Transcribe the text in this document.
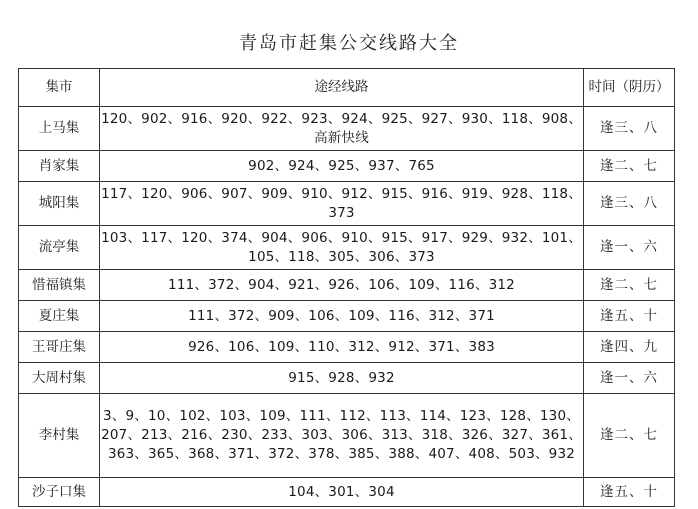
青岛市赶集公交线路大全
集市	途经线路	时间（阴历）
上马集	120、902、916、920、922、923、924、925、927、930、118、908、高新快线	逢三、八
肖家集	902、924、925、937、765	逢二、七
城阳集	117、120、906、907、909、910、912、915、916、919、928、118、373	逢三、八
流亭集	103、117、120、374、904、906、910、915、917、929、932、101、105、118、305、306、373	逢一、六
惜福镇集	111、372、904、921、926、106、109、116、312	逢二、七
夏庄集	111、372、909、106、109、116、312、371	逢五、十
王哥庄集	926、106、109、110、312、912、371、383	逢四、九
大周村集	915、928、932	逢一、六
李村集	3、9、10、102、103、109、111、112、113、114、123、128、130、207、213、216、230、233、303、306、313、318、326、327、361、363、365、368、371、372、378、385、388、407、408、503、932	逢二、七
沙子口集	104、301、304	逢五、十
